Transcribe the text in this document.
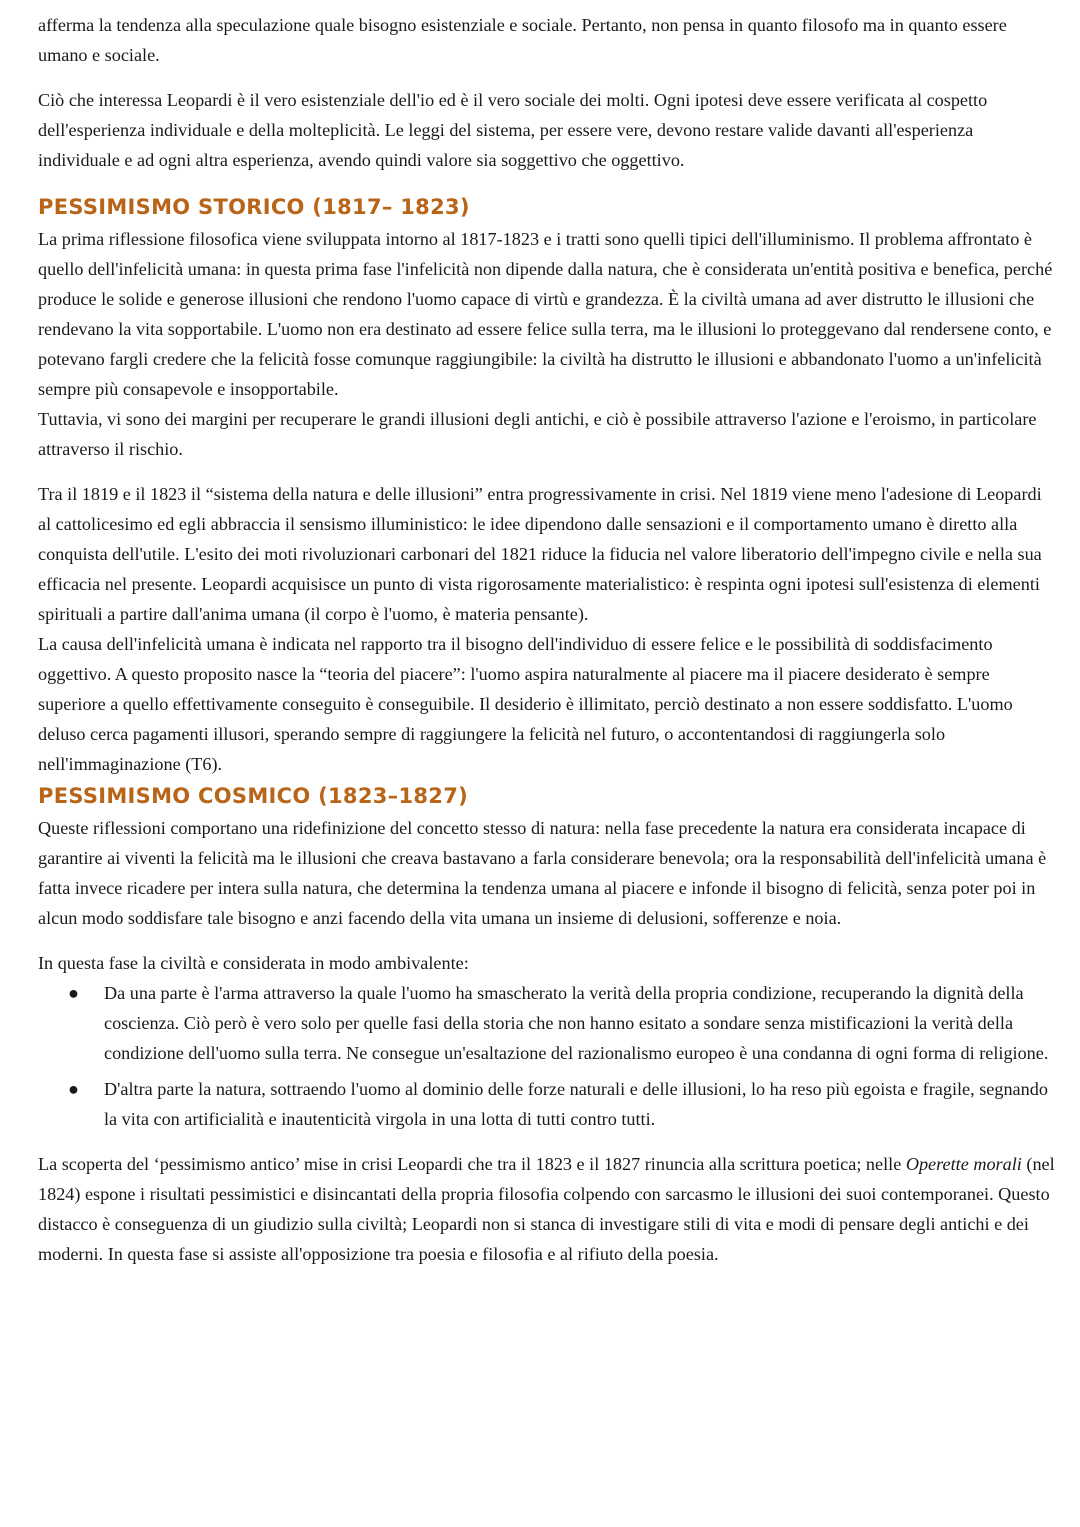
afferma la tendenza alla speculazione quale bisogno esistenziale e sociale. Pertanto, non pensa in quanto filosofo ma in quanto essere umano e sociale.

Ciò che interessa Leopardi è il vero esistenziale dell'io ed è il vero sociale dei molti. Ogni ipotesi deve essere verificata al cospetto dell'esperienza individuale e della molteplicità. Le leggi del sistema, per essere vere, devono restare valide davanti all'esperienza individuale e ad ogni altra esperienza, avendo quindi valore sia soggettivo che oggettivo.

PESSIMISMO STORICO (1817– 1823)

La prima riflessione filosofica viene sviluppata intorno al 1817-1823 e i tratti sono quelli tipici dell'illuminismo. Il problema affrontato è quello dell'infelicità umana: in questa prima fase l'infelicità non dipende dalla natura, che è considerata un'entità positiva e benefica, perché produce le solide e generose illusioni che rendono l'uomo capace di virtù e grandezza. È la civiltà umana ad aver distrutto le illusioni che rendevano la vita sopportabile. L'uomo non era destinato ad essere felice sulla terra, ma le illusioni lo proteggevano dal rendersene conto, e potevano fargli credere che la felicità fosse comunque raggiungibile: la civiltà ha distrutto le illusioni e abbandonato l'uomo a un'infelicità sempre più consapevole e insopportabile.

Tuttavia, vi sono dei margini per recuperare le grandi illusioni degli antichi, e ciò è possibile attraverso l'azione e l'eroismo, in particolare attraverso il rischio.

Tra il 1819 e il 1823 il “sistema della natura e delle illusioni” entra progressivamente in crisi. Nel 1819 viene meno l'adesione di Leopardi al cattolicesimo ed egli abbraccia il sensismo illuministico: le idee dipendono dalle sensazioni e il comportamento umano è diretto alla conquista dell'utile. L'esito dei moti rivoluzionari carbonari del 1821 riduce la fiducia nel valore liberatorio dell'impegno civile e nella sua efficacia nel presente. Leopardi acquisisce un punto di vista rigorosamente materialistico: è respinta ogni ipotesi sull'esistenza di elementi spirituali a partire dall'anima umana (il corpo è l'uomo, è materia pensante).

La causa dell'infelicità umana è indicata nel rapporto tra il bisogno dell'individuo di essere felice e le possibilità di soddisfacimento oggettivo. A questo proposito nasce la “teoria del piacere”: l'uomo aspira naturalmente al piacere ma il piacere desiderato è sempre superiore a quello effettivamente conseguito è conseguibile. Il desiderio è illimitato, perciò destinato a non essere soddisfatto. L'uomo deluso cerca pagamenti illusori, sperando sempre di raggiungere la felicità nel futuro, o accontentandosi di raggiungerla solo nell'immaginazione (T6).

PESSIMISMO COSMICO (1823–1827)

Queste riflessioni comportano una ridefinizione del concetto stesso di natura: nella fase precedente la natura era considerata incapace di garantire ai viventi la felicità ma le illusioni che creava bastavano a farla considerare benevola; ora la responsabilità dell'infelicità umana è fatta invece ricadere per intera sulla natura, che determina la tendenza umana al piacere e infonde il bisogno di felicità, senza poter poi in alcun modo soddisfare tale bisogno e anzi facendo della vita umana un insieme di delusioni, sofferenze e noia.

In questa fase la civiltà e considerata in modo ambivalente:

● Da una parte è l'arma attraverso la quale l'uomo ha smascherato la verità della propria condizione, recuperando la dignità della coscienza. Ciò però è vero solo per quelle fasi della storia che non hanno esitato a sondare senza mistificazioni la verità della condizione dell'uomo sulla terra. Ne consegue un'esaltazione del razionalismo europeo è una condanna di ogni forma di religione.
● D'altra parte la natura, sottraendo l'uomo al dominio delle forze naturali e delle illusioni, lo ha reso più egoista e fragile, segnando la vita con artificialità e inautenticità virgola in una lotta di tutti contro tutti.

La scoperta del ‘pessimismo antico’ mise in crisi Leopardi che tra il 1823 e il 1827 rinuncia alla scrittura poetica; nelle Operette morali (nel 1824) espone i risultati pessimistici e disincantati della propria filosofia colpendo con sarcasmo le illusioni dei suoi contemporanei. Questo distacco è conseguenza di un giudizio sulla civiltà; Leopardi non si stanca di investigare stili di vita e modi di pensare degli antichi e dei moderni. In questa fase si assiste all'opposizione tra poesia e filosofia e al rifiuto della poesia.
